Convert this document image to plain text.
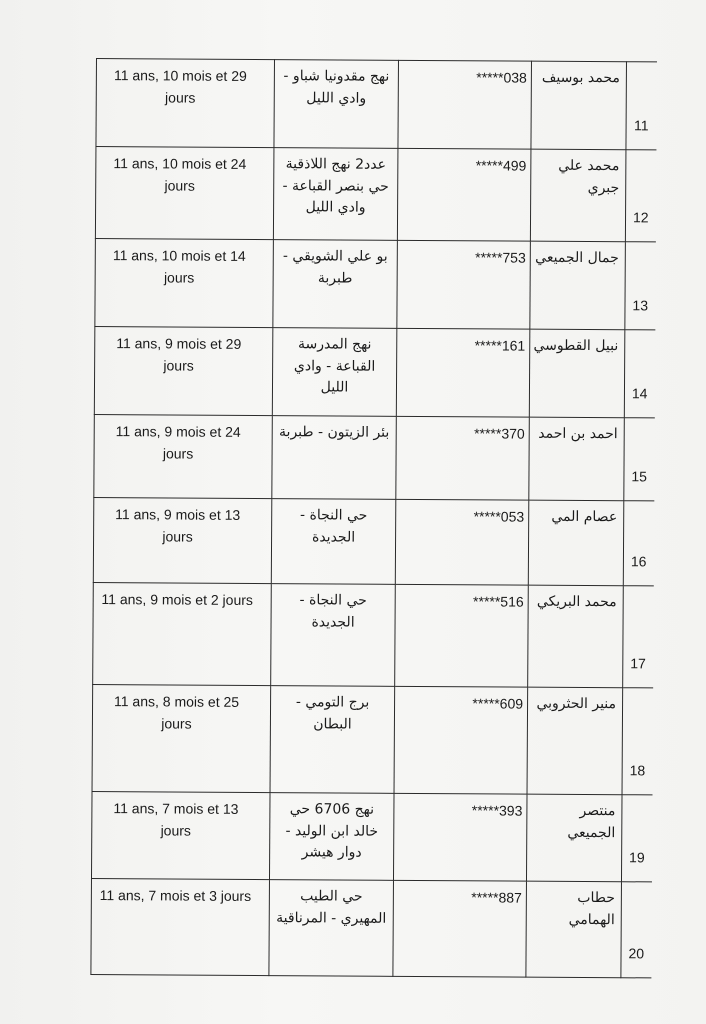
11 ans, 10 mois et 29 jours	نهج مقدونيا شباو - وادي الليل	*****038	محمد بوسيف	11
11 ans, 10 mois et 24 jours	عدد2 نهج اللاذقية حي بنصر القباعة - وادي الليل	*****499	محمد علي جبري	12
11 ans, 10 mois et 14 jours	بو علي الشويقي - طبربة	*****753	جمال الجميعي	13
11 ans, 9 mois et 29 jours	نهج المدرسة القباعة - وادي الليل	*****161	نبيل القطوسي	14
11 ans, 9 mois et 24 jours	بئر الزيتون - طبربة	*****370	احمد بن احمد	15
11 ans, 9 mois et 13 jours	حي النجاة - الجديدة	*****053	عصام المي	16
11 ans, 9 mois et 2 jours	حي النجاة - الجديدة	*****516	محمد البريكي	17
11 ans, 8 mois et 25 jours	برج التومي - البطان	*****609	منير الحثروبي	18
11 ans, 7 mois et 13 jours	نهج 6706 حي خالد ابن الوليد - دوار هيشر	*****393	منتصر الجميعي	19
11 ans, 7 mois et 3 jours	حي الطيب المهيري - المرناقية	*****887	حطاب الهمامي	20
